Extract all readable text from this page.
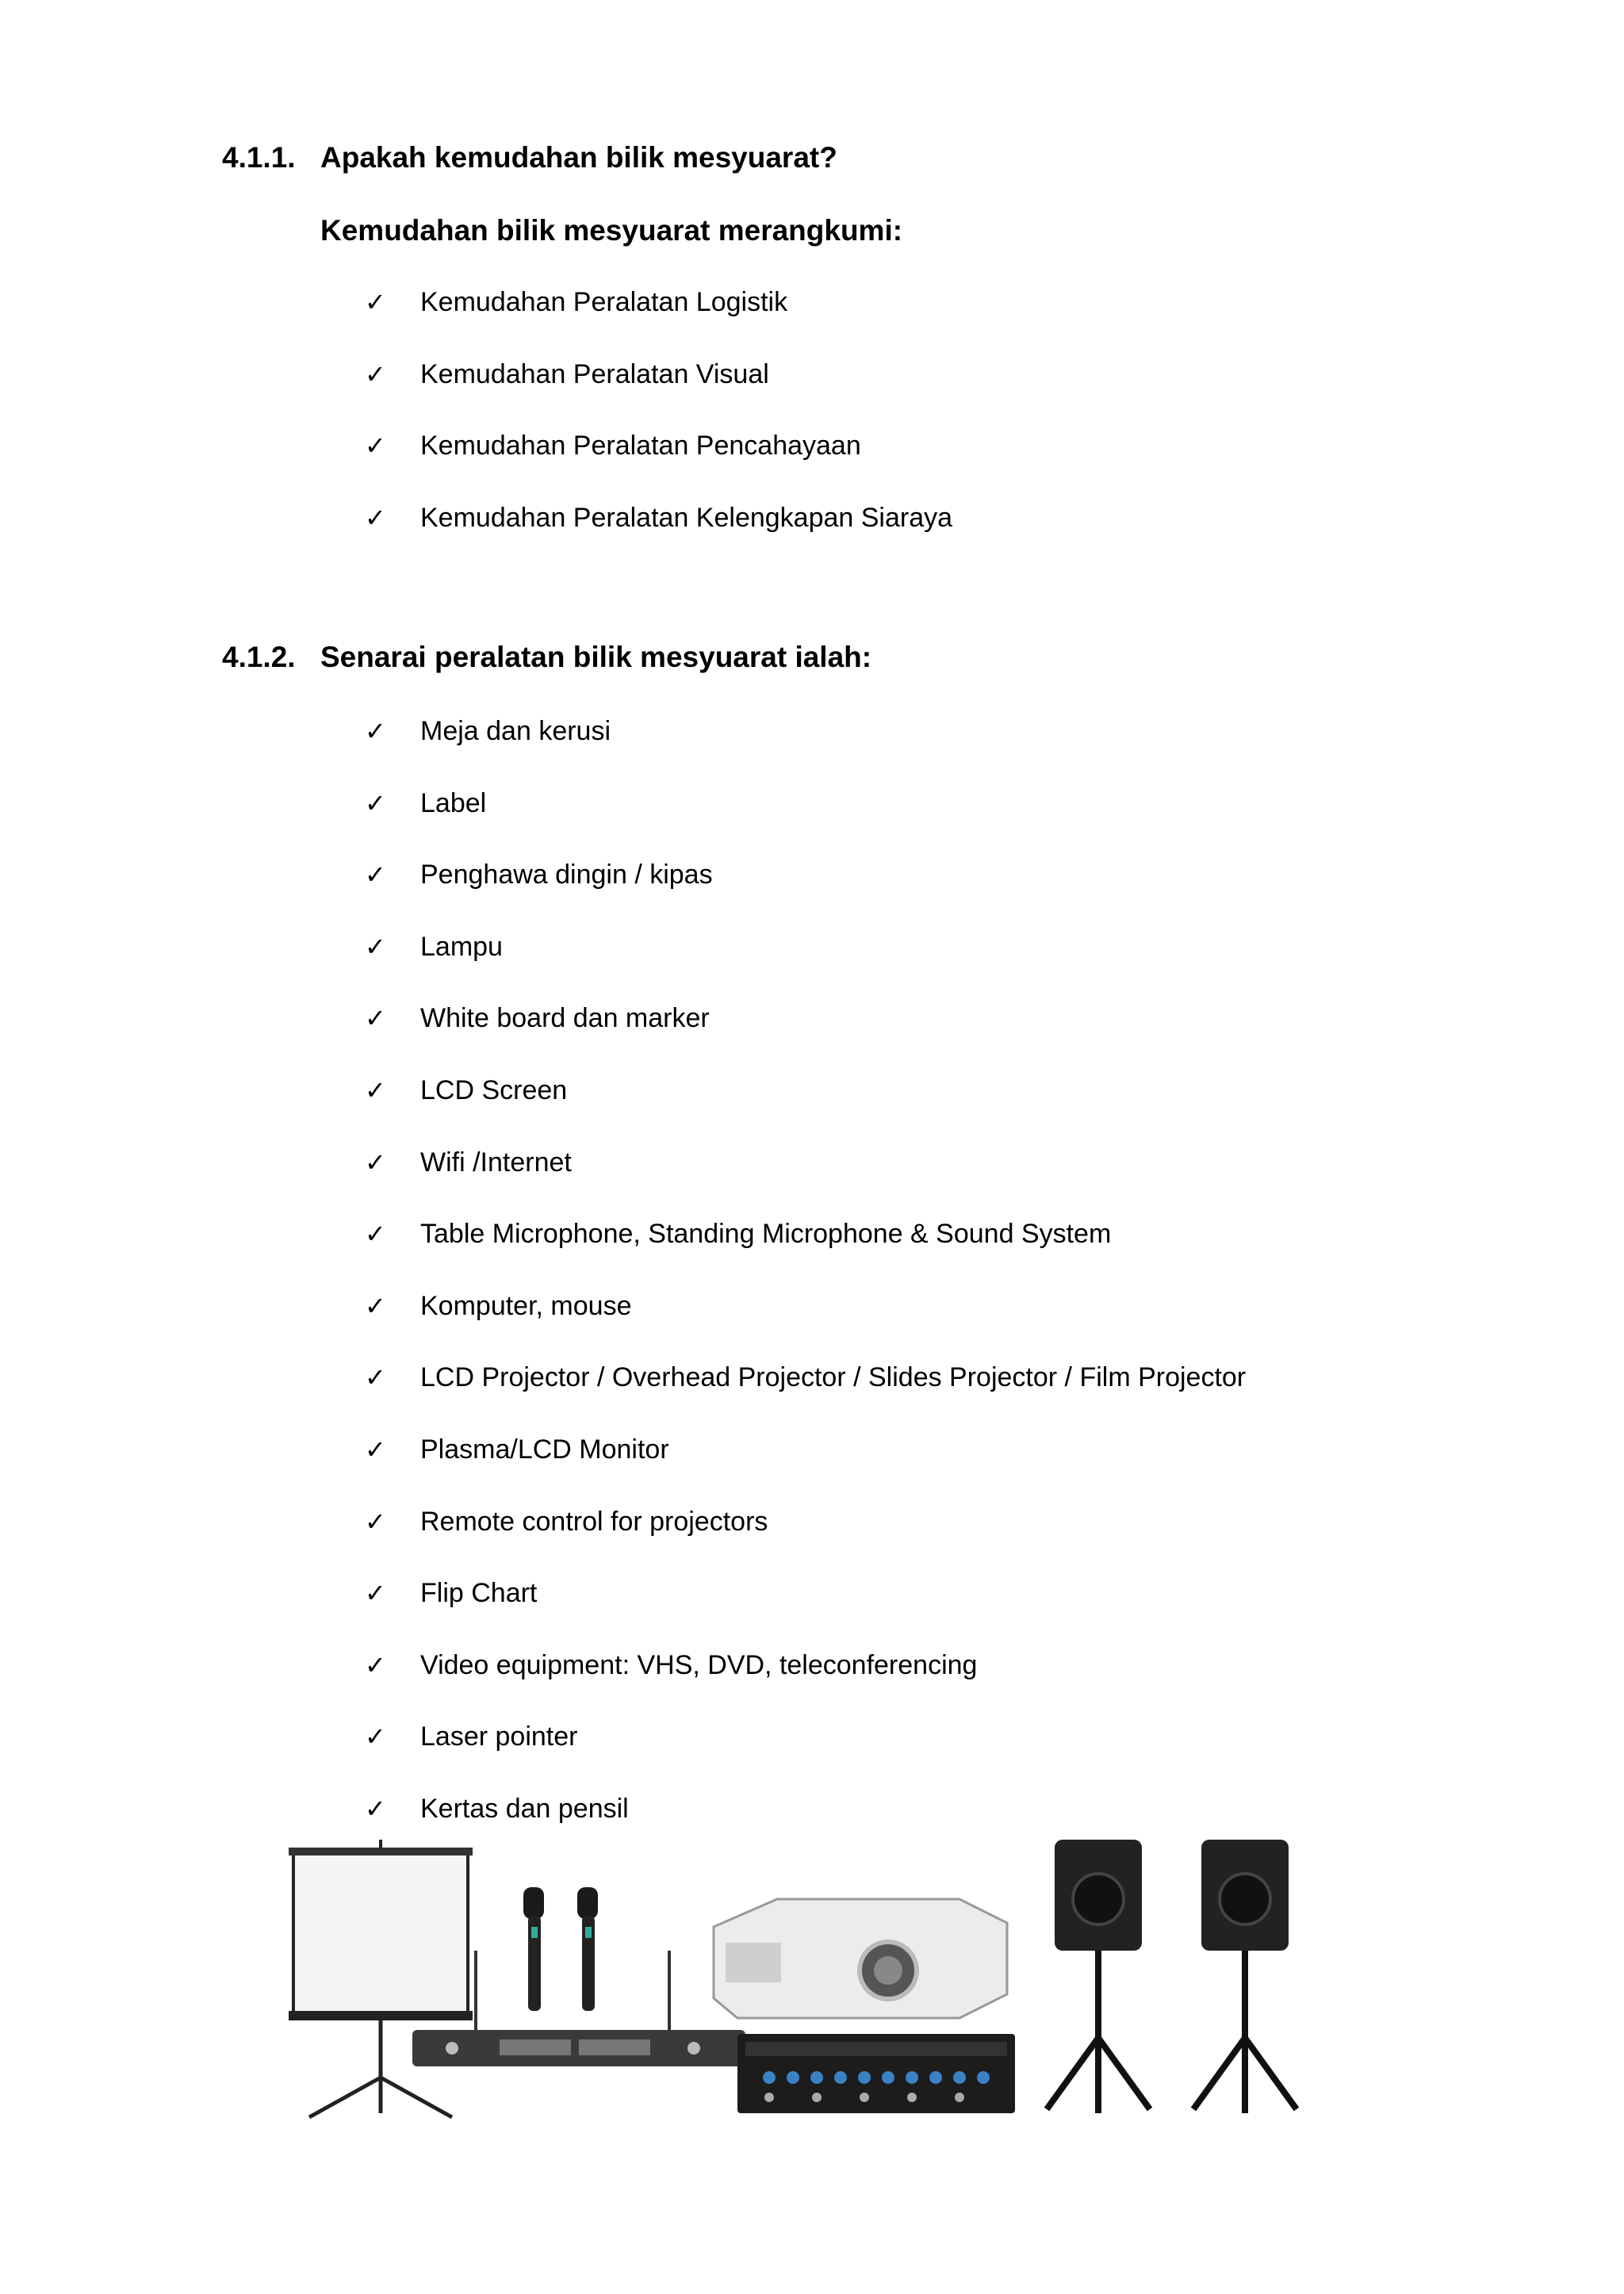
4.1.1. Apakah kemudahan bilik mesyuarat?
Kemudahan bilik mesyuarat merangkumi:
✓	Kemudahan Peralatan Logistik
✓	Kemudahan Peralatan Visual
✓	Kemudahan Peralatan Pencahayaan
✓	Kemudahan Peralatan Kelengkapan Siaraya
4.1.2. Senarai peralatan bilik mesyuarat ialah:
✓	Meja dan kerusi
✓	Label
✓	Penghawa dingin / kipas
✓	Lampu
✓	White board dan marker
✓	LCD Screen
✓	Wifi /Internet
✓	Table Microphone, Standing Microphone & Sound System
✓	Komputer, mouse
✓	LCD Projector / Overhead Projector / Slides Projector / Film Projector
✓	Plasma/LCD Monitor
✓	Remote control for projectors
✓	Flip Chart
✓	Video equipment: VHS, DVD, teleconferencing
✓	Laser pointer
✓	Kertas dan pensil
